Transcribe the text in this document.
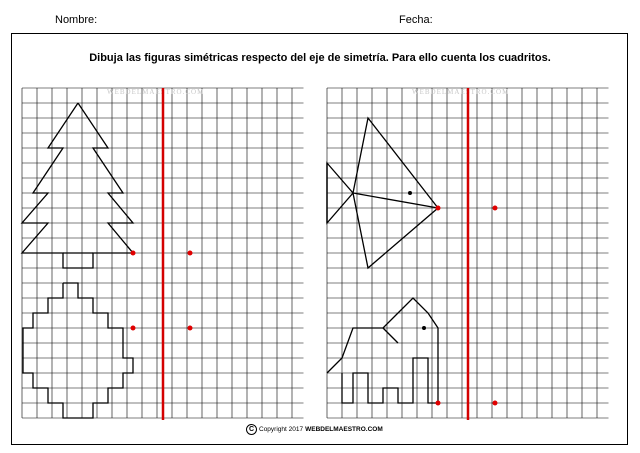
Nombre:	Fecha:
Dibuja las figuras simétricas respecto del eje de simetría. Para ello cuenta los cuadritos.
WEBDELMAESTRO.COM	WEBDELMAESTRO.COM
C Copyright 2017 WEBDELMAESTRO.COM
